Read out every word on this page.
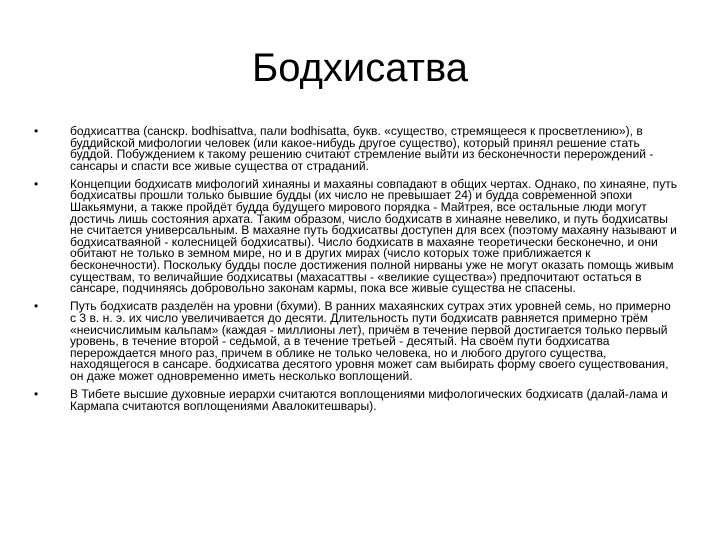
Бодхисатва
•	бодхисаттва (санскр. bodhisattva, пали bodhisatta, букв. «существо, стремящееся к просветлению»), в буддийской мифологии человек (или какое-нибудь другое существо), который принял решение стать буддой. Побуждением к такому решению считают стремление выйти из бесконечности перерождений - сансары и спасти все живые существа от страданий.
•	Концепции бодхисатв мифологий хинаяны и махаяны совпадают в общих чертах. Однако, по хинаяне, путь бодхисатвы прошли только бывшие будды (их число не превышает 24) и будда современной эпохи Шакьямуни, а также пройдёт будда будущего мирового порядка - Майтрея, все остальные люди могут достичь лишь состояния архата. Таким образом, число бодхисатв в хинаяне невелико, и путь бодхисатвы не считается универсальным. В махаяне путь бодхисатвы доступен для всех (поэтому махаяну называют и бодхисатваяной - колесницей бодхисатвы). Число бодхисатв в махаяне теоретически бесконечно, и они обитают не только в земном мире, но и в других мирах (число которых тоже приближается к бесконечности). Поскольку будды после достижения полной нирваны уже не могут оказать помощь живым существам, то величайшие бодхисатвы (махасаттвы - «великие существа») предпочитают остаться в сансаре, подчиняясь добровольно законам кармы, пока все живые существа не спасены.
•	Путь бодхисатв разделён на уровни (бхуми). В ранних махаянских сутрах этих уровней семь, но примерно с 3 в. н. э. их число увеличивается до десяти. Длительность пути бодхисатв равняется примерно трём «неисчислимым кальпам» (каждая - миллионы лет), причём в течение первой достигается только первый уровень, в течение второй - седьмой, а в течение третьей - десятый. На своём пути бодхисатва перерождается много раз, причем в облике не только человека, но и любого другого существа, находящегося в сансаре. бодхисатва десятого уровня может сам выбирать форму своего существования, он даже может одновременно иметь несколько воплощений.
•	В Тибете высшие духовные иерархи считаются воплощениями мифологических бодхисатв (далай-лама и Кармапа считаются воплощениями Авалокитешвары).
